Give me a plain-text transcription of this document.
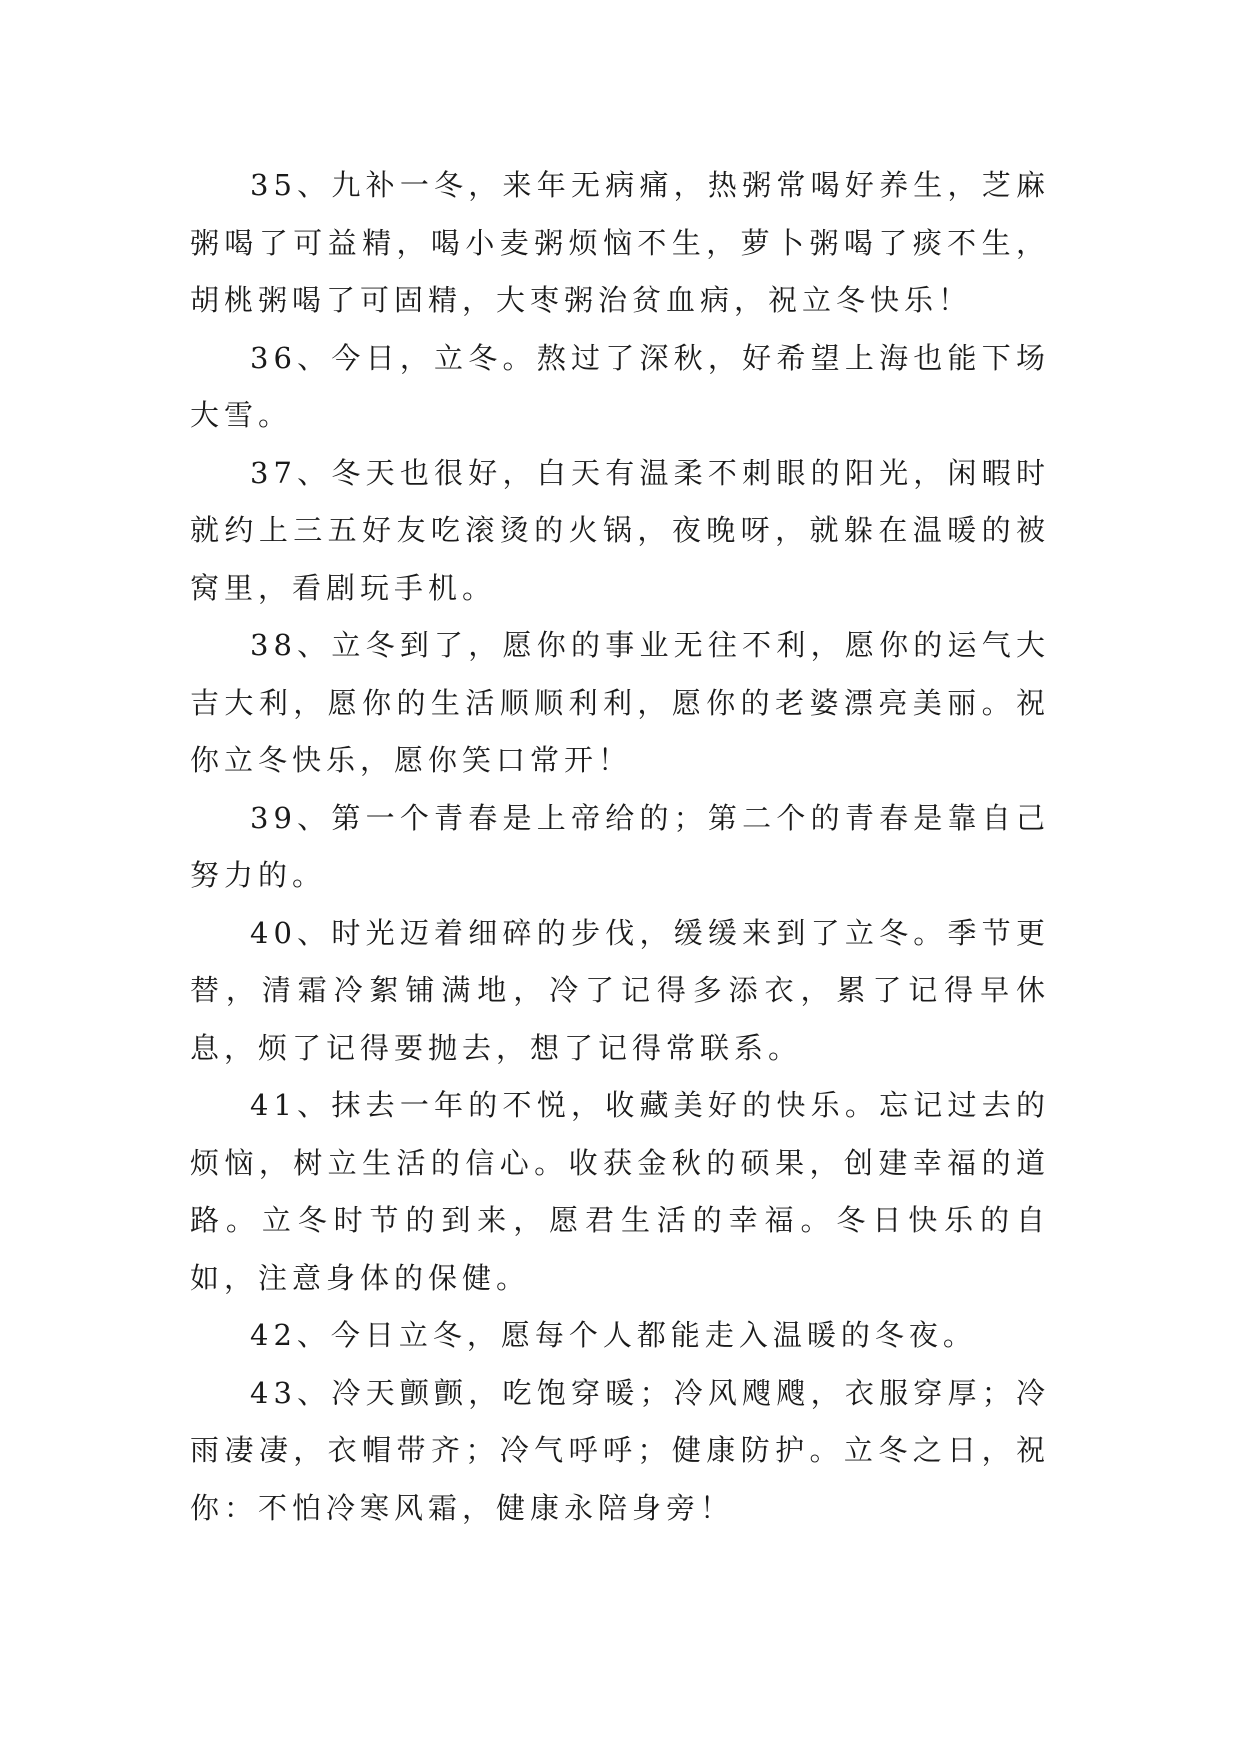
35、九补一冬，来年无病痛，热粥常喝好养生，芝麻粥喝了可益精，喝小麦粥烦恼不生，萝卜粥喝了痰不生，胡桃粥喝了可固精，大枣粥治贫血病，祝立冬快乐！

36、今日，立冬。熬过了深秋，好希望上海也能下场大雪。

37、冬天也很好，白天有温柔不刺眼的阳光，闲暇时就约上三五好友吃滚烫的火锅，夜晚呀，就躲在温暖的被窝里，看剧玩手机。

38、立冬到了，愿你的事业无往不利，愿你的运气大吉大利，愿你的生活顺顺利利，愿你的老婆漂亮美丽。祝你立冬快乐，愿你笑口常开！

39、第一个青春是上帝给的；第二个的青春是靠自己努力的。

40、时光迈着细碎的步伐，缓缓来到了立冬。季节更替，清霜冷絮铺满地，冷了记得多添衣，累了记得早休息，烦了记得要抛去，想了记得常联系。

41、抹去一年的不悦，收藏美好的快乐。忘记过去的烦恼，树立生活的信心。收获金秋的硕果，创建幸福的道路。立冬时节的到来，愿君生活的幸福。冬日快乐的自如，注意身体的保健。

42、今日立冬，愿每个人都能走入温暖的冬夜。

43、冷天颤颤，吃饱穿暖；冷风飕飕，衣服穿厚；冷雨凄凄，衣帽带齐；冷气呼呼；健康防护。立冬之日，祝你：不怕冷寒风霜，健康永陪身旁！
